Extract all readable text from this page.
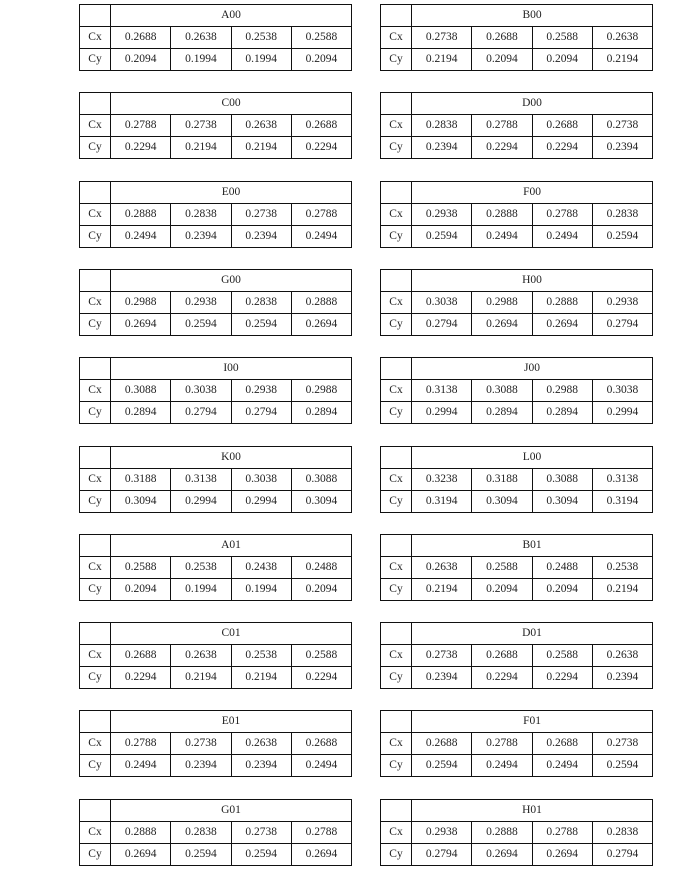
	A00			
Cx	0.2688	0.2638	0.2538	0.2588
Cy	0.2094	0.1994	0.1994	0.2094
	B00			
Cx	0.2738	0.2688	0.2588	0.2638
Cy	0.2194	0.2094	0.2094	0.2194
	C00			
Cx	0.2788	0.2738	0.2638	0.2688
Cy	0.2294	0.2194	0.2194	0.2294
	D00			
Cx	0.2838	0.2788	0.2688	0.2738
Cy	0.2394	0.2294	0.2294	0.2394
	E00			
Cx	0.2888	0.2838	0.2738	0.2788
Cy	0.2494	0.2394	0.2394	0.2494
	F00			
Cx	0.2938	0.2888	0.2788	0.2838
Cy	0.2594	0.2494	0.2494	0.2594
	G00			
Cx	0.2988	0.2938	0.2838	0.2888
Cy	0.2694	0.2594	0.2594	0.2694
	H00			
Cx	0.3038	0.2988	0.2888	0.2938
Cy	0.2794	0.2694	0.2694	0.2794
	I00			
Cx	0.3088	0.3038	0.2938	0.2988
Cy	0.2894	0.2794	0.2794	0.2894
	J00			
Cx	0.3138	0.3088	0.2988	0.3038
Cy	0.2994	0.2894	0.2894	0.2994
	K00			
Cx	0.3188	0.3138	0.3038	0.3088
Cy	0.3094	0.2994	0.2994	0.3094
	L00			
Cx	0.3238	0.3188	0.3088	0.3138
Cy	0.3194	0.3094	0.3094	0.3194
	A01			
Cx	0.2588	0.2538	0.2438	0.2488
Cy	0.2094	0.1994	0.1994	0.2094
	B01			
Cx	0.2638	0.2588	0.2488	0.2538
Cy	0.2194	0.2094	0.2094	0.2194
	C01			
Cx	0.2688	0.2638	0.2538	0.2588
Cy	0.2294	0.2194	0.2194	0.2294
	D01			
Cx	0.2738	0.2688	0.2588	0.2638
Cy	0.2394	0.2294	0.2294	0.2394
	E01			
Cx	0.2788	0.2738	0.2638	0.2688
Cy	0.2494	0.2394	0.2394	0.2494
	F01			
Cx	0.2688	0.2788	0.2688	0.2738
Cy	0.2594	0.2494	0.2494	0.2594
	G01			
Cx	0.2888	0.2838	0.2738	0.2788
Cy	0.2694	0.2594	0.2594	0.2694
	H01			
Cx	0.2938	0.2888	0.2788	0.2838
Cy	0.2794	0.2694	0.2694	0.2794
